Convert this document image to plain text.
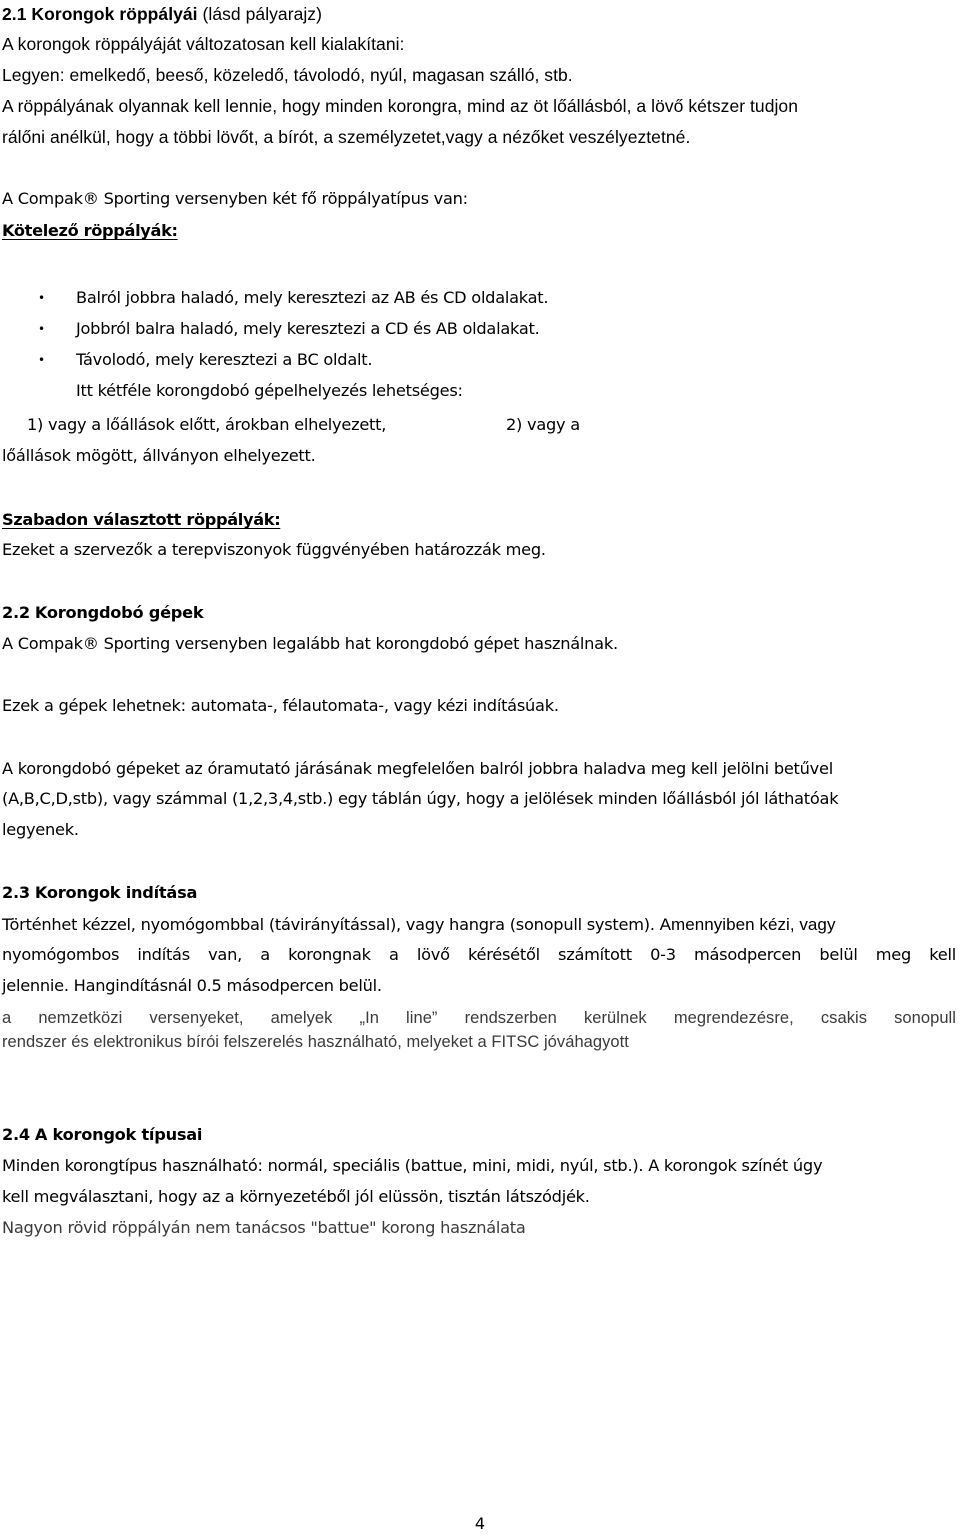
2.1 Korongok röppályái (lásd pályarajz)
A korongok röppályáját változatosan kell kialakítani:
Legyen: emelkedő, beeső, közeledő, távolodó, nyúl, magasan szálló, stb.
A röppályának olyannak kell lennie, hogy minden korongra, mind az öt lőállásból, a lövő kétszer tudjon
rálőni anélkül, hogy a többi lövőt, a bírót, a személyzetet,vagy a nézőket veszélyeztetné.
A Compak® Sporting versenyben két fő röppályatípus van:
Kötelező röppályák:
• Balról jobbra haladó, mely keresztezi az AB és CD oldalakat.
• Jobbról balra haladó, mely keresztezi a CD és AB oldalakat.
• Távolodó, mely keresztezi a BC oldalt.
Itt kétféle korongdobó gépelhelyezés lehetséges:
1) vagy a lőállások előtt, árokban elhelyezett,	2) vagy a
lőállások mögött, állványon elhelyezett.
Szabadon választott röppályák:
Ezeket a szervezők a terepviszonyok függvényében határozzák meg.
2.2 Korongdobó gépek
A Compak® Sporting versenyben legalább hat korongdobó gépet használnak.
Ezek a gépek lehetnek: automata-, félautomata-, vagy kézi indításúak.
A korongdobó gépeket az óramutató járásának megfelelően balról jobbra haladva meg kell jelölni betűvel
(A,B,C,D,stb), vagy számmal (1,2,3,4,stb.) egy táblán úgy, hogy a jelölések minden lőállásból jól láthatóak
legyenek.
2.3 Korongok indítása
Történhet kézzel, nyomógombbal (távirányítással), vagy hangra (sonopull system). Amennyiben kézi, vagy
nyomógombos indítás van, a korongnak a lövő kérésétől számított 0-3 másodpercen belül meg kell
jelennie. Hangindításnál 0.5 másodpercen belül.
a nemzetközi versenyeket, amelyek „In line” rendszerben kerülnek megrendezésre, csakis sonopull
rendszer és elektronikus bírói felszerelés használható, melyeket a FITSC jóváhagyott
2.4 A korongok típusai
Minden korongtípus használható: normál, speciális (battue, mini, midi, nyúl, stb.). A korongok színét úgy
kell megválasztani, hogy az a környezetéből jól elüssön, tisztán látszódjék.
Nagyon rövid röppályán nem tanácsos "battue" korong használata
4
